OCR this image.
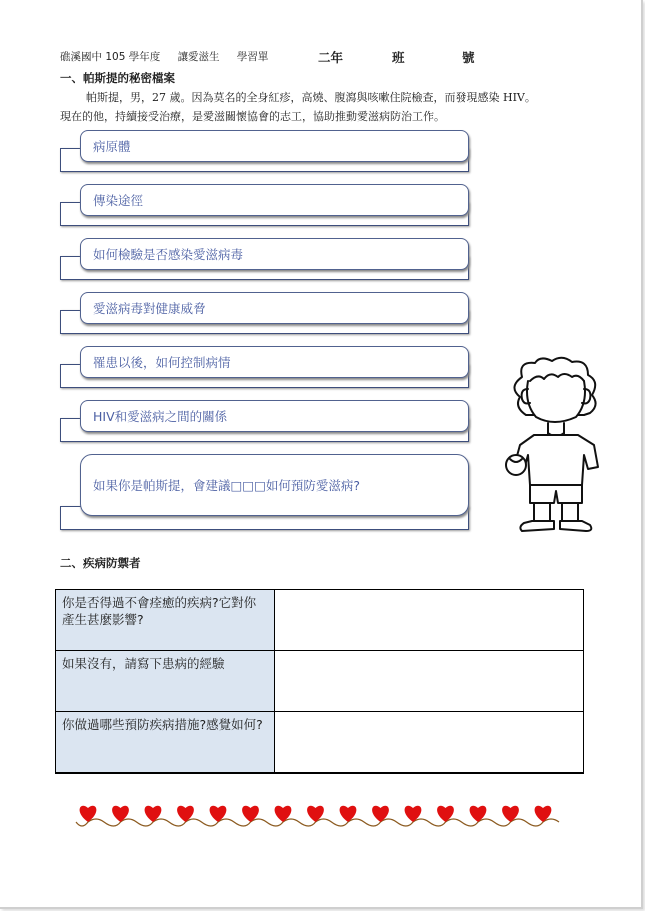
礁溪國中 105 學年度 讓愛滋生 學習單	二年	班	號
一、帕斯提的秘密檔案
帕斯提，男，27 歲。因為莫名的全身紅疹，高燒、腹瀉與咳嗽住院檢查，而發現感染 HIV。
現在的他，持續接受治療，是愛滋關懷協會的志工，協助推動愛滋病防治工作。
病原體
傳染途徑
如何檢驗是否感染愛滋病毒
愛滋病毒對健康威脅
罹患以後，如何控制病情
HIV和愛滋病之間的關係
如果你是帕斯提，會建議□□□如何預防愛滋病?
二、疾病防禦者
你是否得過不會痊癒的疾病?它對你產生甚麼影響?	
如果沒有，請寫下患病的經驗	
你做過哪些預防疾病措施?感覺如何?	
